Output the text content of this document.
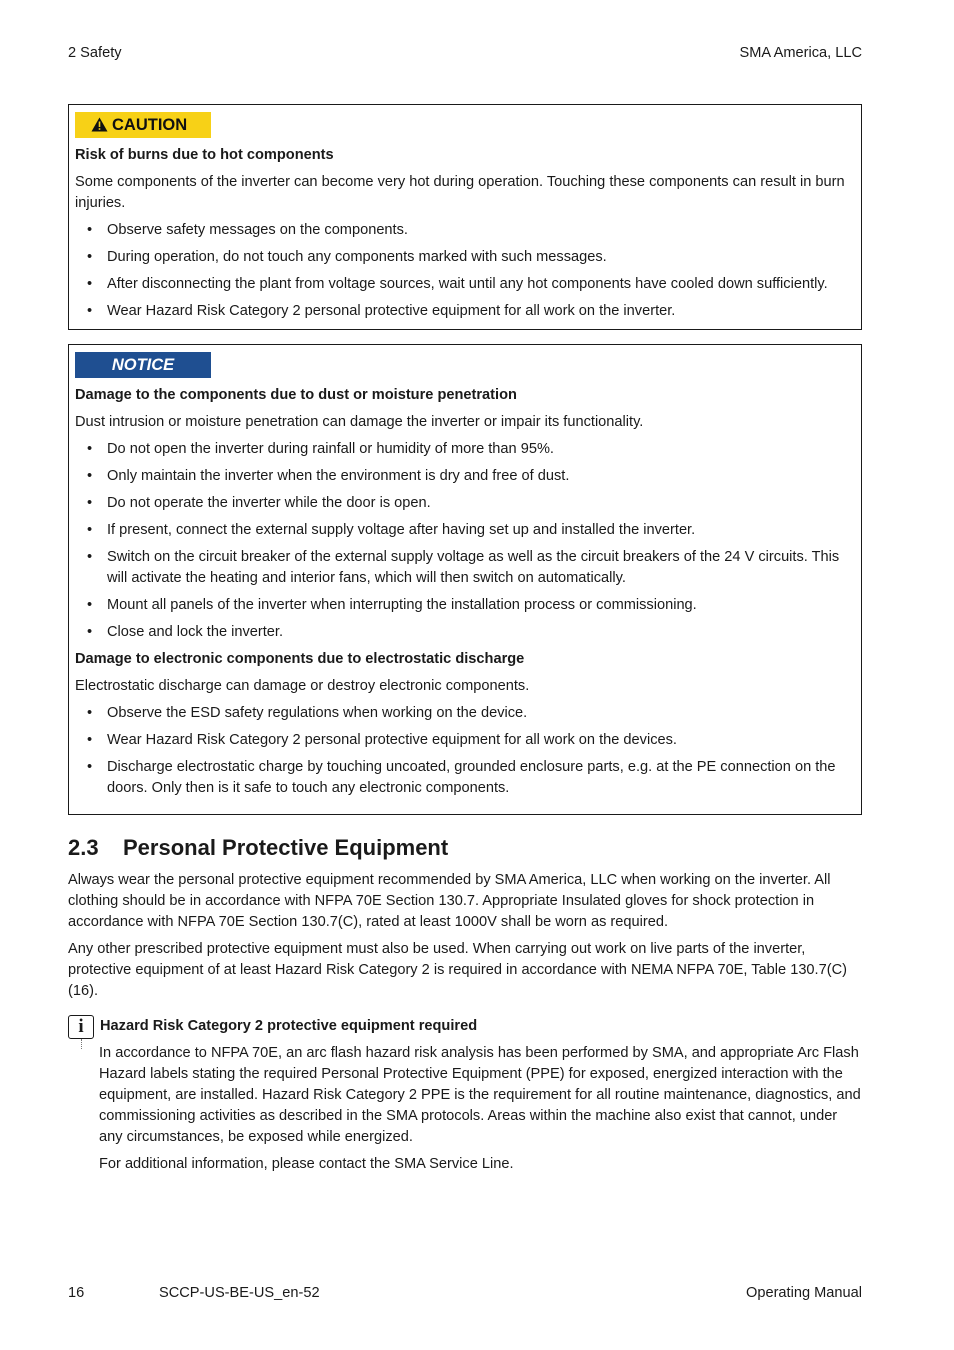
2 Safety	SMA America, LLC
CAUTION

Risk of burns due to hot components

Some components of the inverter can become very hot during operation. Touching these components can result in burn injuries.

• Observe safety messages on the components.
• During operation, do not touch any components marked with such messages.
• After disconnecting the plant from voltage sources, wait until any hot components have cooled down sufficiently.
• Wear Hazard Risk Category 2 personal protective equipment for all work on the inverter.
NOTICE

Damage to the components due to dust or moisture penetration

Dust intrusion or moisture penetration can damage the inverter or impair its functionality.

• Do not open the inverter during rainfall or humidity of more than 95%.
• Only maintain the inverter when the environment is dry and free of dust.
• Do not operate the inverter while the door is open.
• If present, connect the external supply voltage after having set up and installed the inverter.
• Switch on the circuit breaker of the external supply voltage as well as the circuit breakers of the 24 V circuits. This will activate the heating and interior fans, which will then switch on automatically.
• Mount all panels of the inverter when interrupting the installation process or commissioning.
• Close and lock the inverter.

Damage to electronic components due to electrostatic discharge

Electrostatic discharge can damage or destroy electronic components.

• Observe the ESD safety regulations when working on the device.
• Wear Hazard Risk Category 2 personal protective equipment for all work on the devices.
• Discharge electrostatic charge by touching uncoated, grounded enclosure parts, e.g. at the PE connection on the doors. Only then is it safe to touch any electronic components.
2.3 Personal Protective Equipment

Always wear the personal protective equipment recommended by SMA America, LLC when working on the inverter. All clothing should be in accordance with NFPA 70E Section 130.7. Appropriate Insulated gloves for shock protection in accordance with NFPA 70E Section 130.7(C), rated at least 1000V shall be worn as required.

Any other prescribed protective equipment must also be used. When carrying out work on live parts of the inverter, protective equipment of at least Hazard Risk Category 2 is required in accordance with NEMA NFPA 70E, Table 130.7(C)(16).

i	Hazard Risk Category 2 protective equipment required

In accordance to NFPA 70E, an arc flash hazard risk analysis has been performed by SMA, and appropriate Arc Flash Hazard labels stating the required Personal Protective Equipment (PPE) for exposed, energized interaction with the equipment, are installed. Hazard Risk Category 2 PPE is the requirement for all routine maintenance, diagnostics, and commissioning activities as described in the SMA protocols. Areas within the machine also exist that cannot, under any circumstances, be exposed while energized.

For additional information, please contact the SMA Service Line.

16	SCCP-US-BE-US_en-52	Operating Manual
